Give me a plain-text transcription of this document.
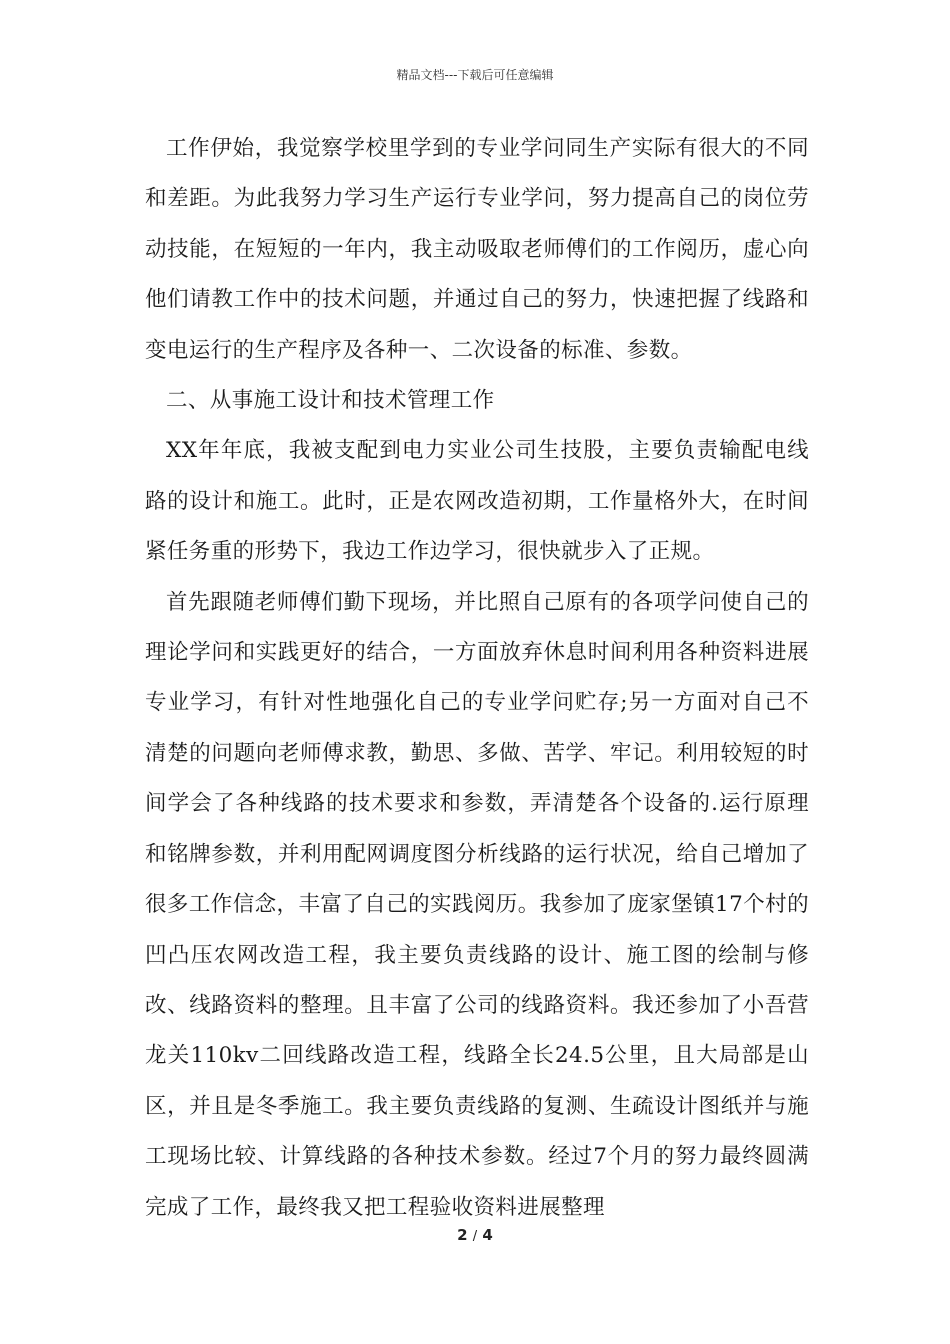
精品文档---下载后可任意编辑

工作伊始，我觉察学校里学到的专业学问同生产实际有很大的不同和差距。为此我努力学习生产运行专业学问，努力提高自己的岗位劳动技能，在短短的一年内，我主动吸取老师傅们的工作阅历，虚心向他们请教工作中的技术问题，并通过自己的努力，快速把握了线路和变电运行的生产程序及各种一、二次设备的标准、参数。

二、从事施工设计和技术管理工作

XX年年底，我被支配到电力实业公司生技股，主要负责输配电线路的设计和施工。此时，正是农网改造初期，工作量格外大，在时间紧任务重的形势下，我边工作边学习，很快就步入了正规。

首先跟随老师傅们勤下现场，并比照自己原有的各项学问使自己的理论学问和实践更好的结合，一方面放弃休息时间利用各种资料进展专业学习，有针对性地强化自己的专业学问贮存;另一方面对自己不清楚的问题向老师傅求教，勤思、多做、苦学、牢记。利用较短的时间学会了各种线路的技术要求和参数，弄清楚各个设备的.运行原理和铭牌参数，并利用配网调度图分析线路的运行状况，给自己增加了很多工作信念，丰富了自己的实践阅历。我参加了庞家堡镇17个村的凹凸压农网改造工程，我主要负责线路的设计、施工图的绘制与修改、线路资料的整理。且丰富了公司的线路资料。我还参加了小吾营龙关110kv二回线路改造工程，线路全长24.5公里，且大局部是山区，并且是冬季施工。我主要负责线路的复测、生疏设计图纸并与施工现场比较、计算线路的各种技术参数。经过7个月的努力最终圆满完成了工作，最终我又把工程验收资料进展整理

2 / 4
